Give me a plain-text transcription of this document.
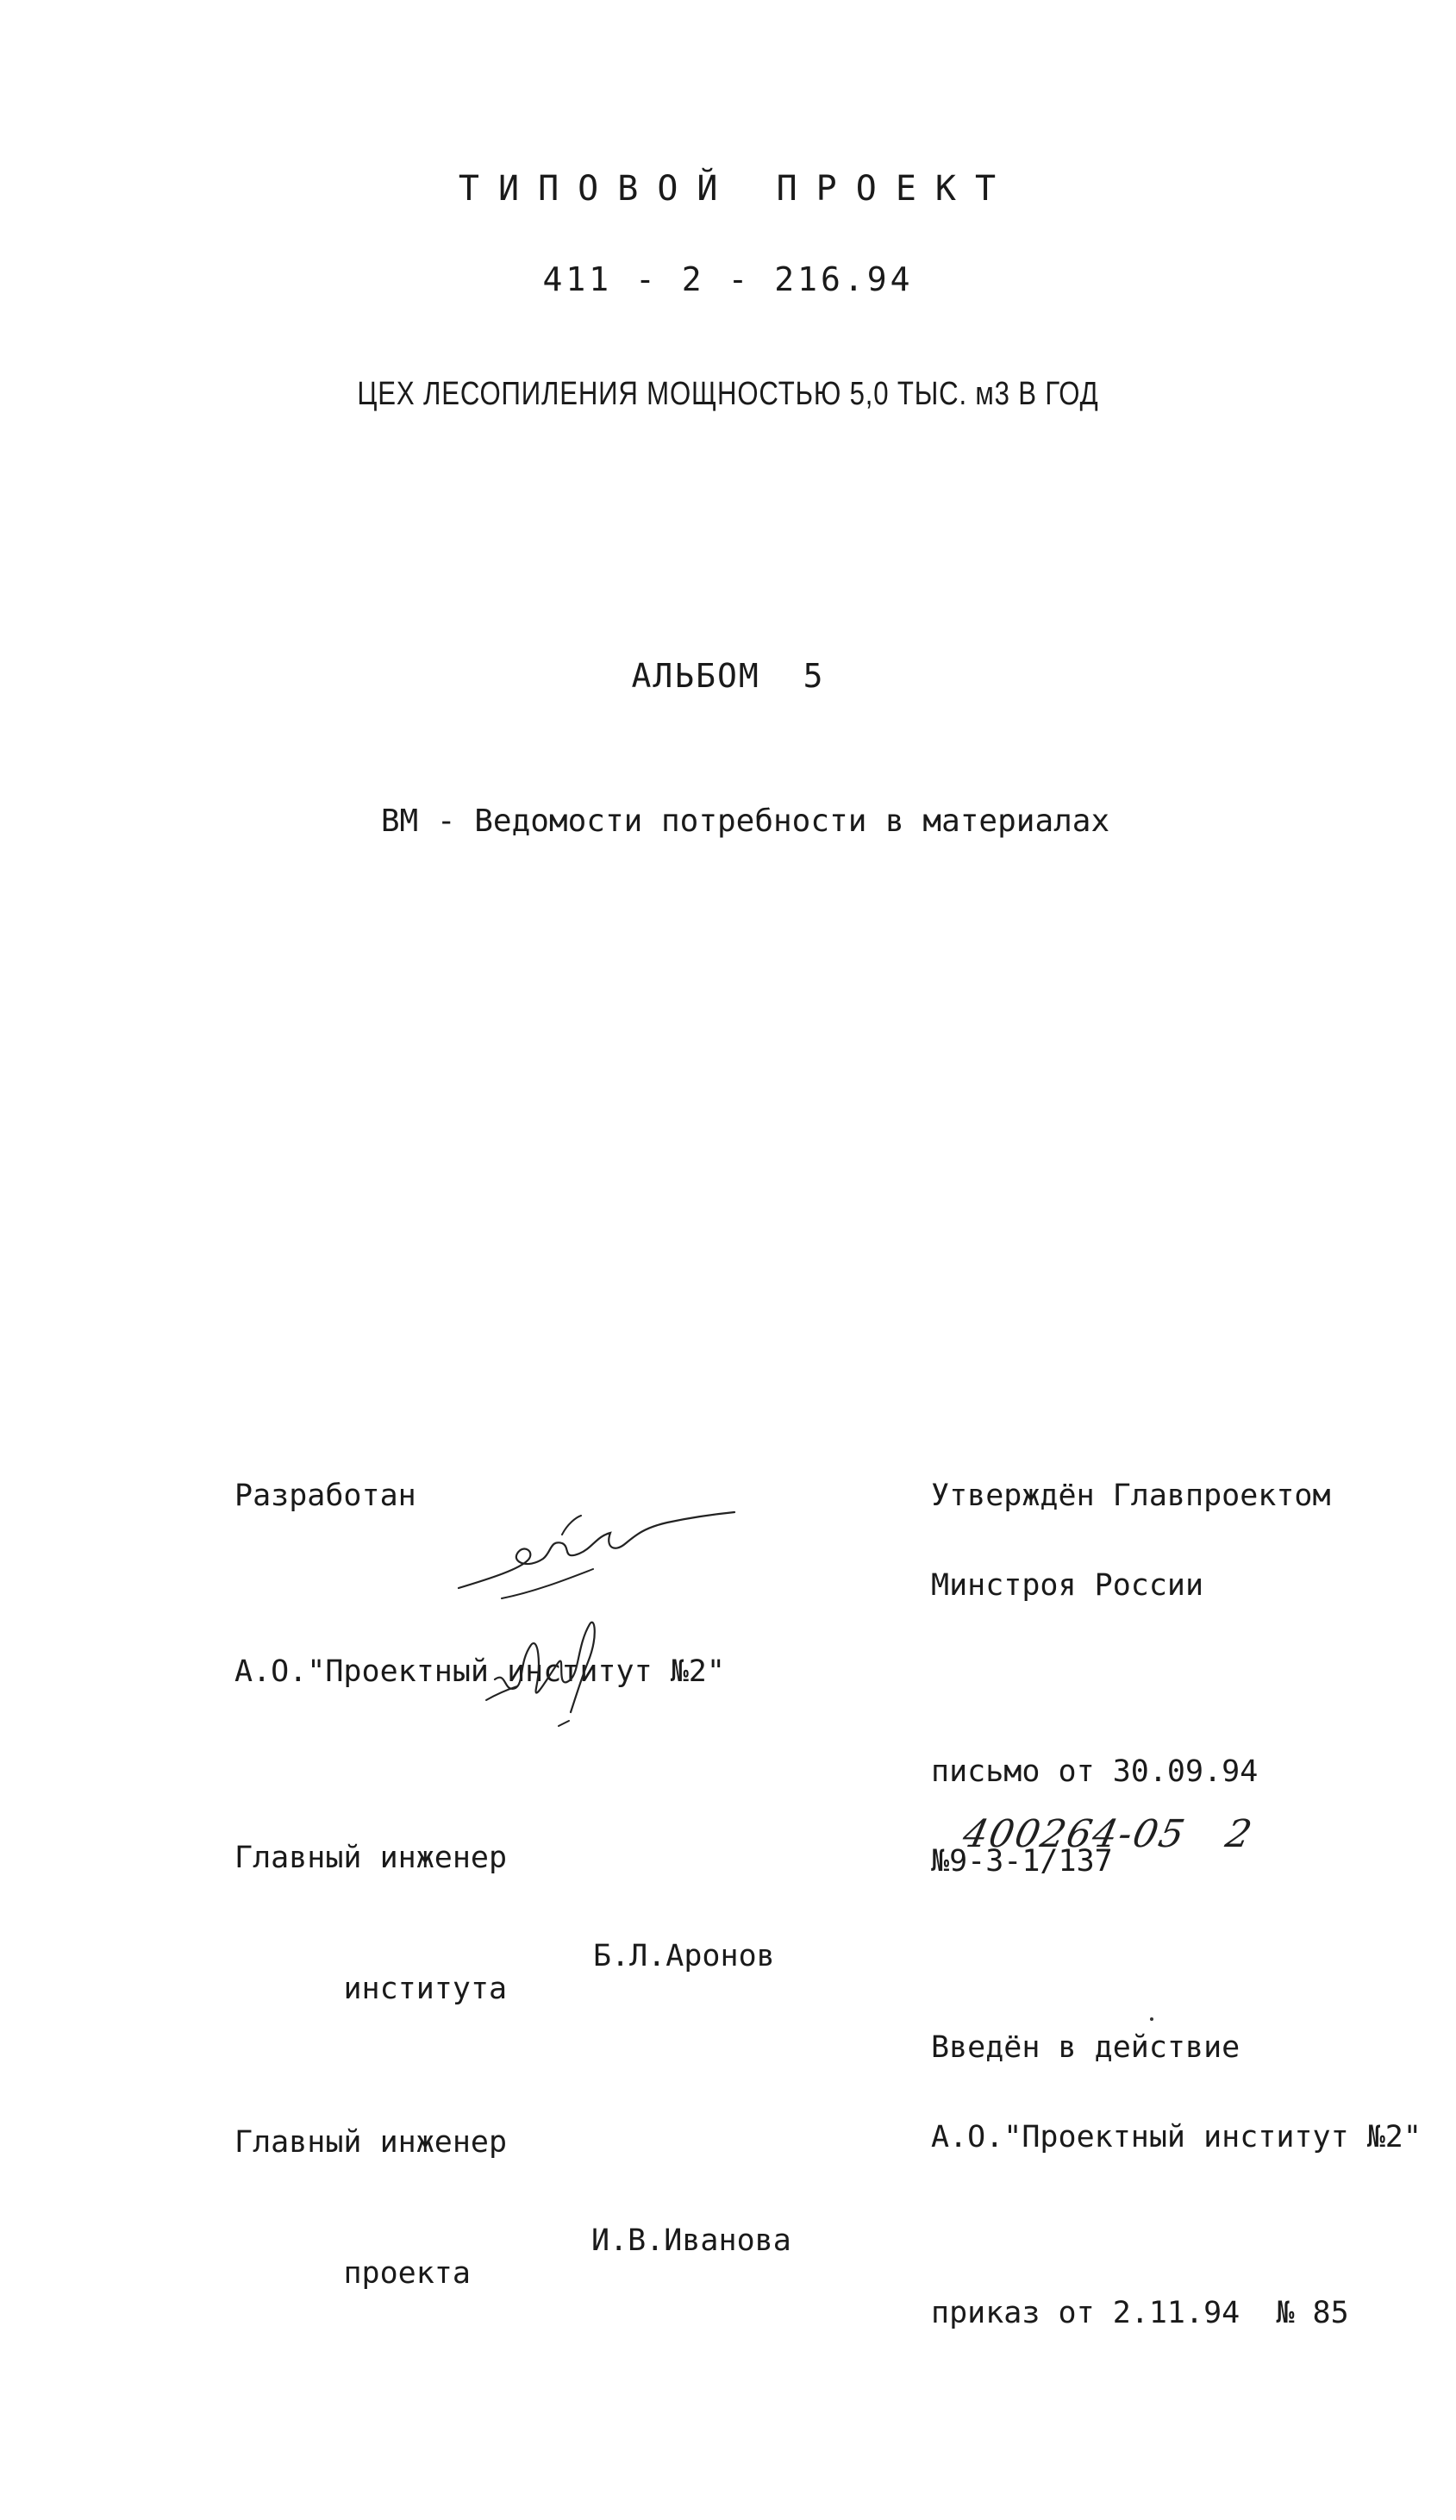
ТИПОВОЙ ПРОЕКТ
411 - 2 - 216.94
ЦЕХ ЛЕСОПИЛЕНИЯ МОЩНОСТЬЮ 5,0 ТЫС. м3 В ГОД
АЛЬБОМ  5
ВМ - Ведомости потребности в материалах

Разработан

А.О."Проектный институт №2"

Главный инженер

института

Б.Л.Аронов

Главный инженер

проекта

И.В.Иванова

Утверждён Главпроектом

Минстроя России

письмо от 30.09.94

№9-3-1/137

Введён в действие

А.О."Проектный институт №2"

приказ от 2.11.94  № 85

400264-05   2
